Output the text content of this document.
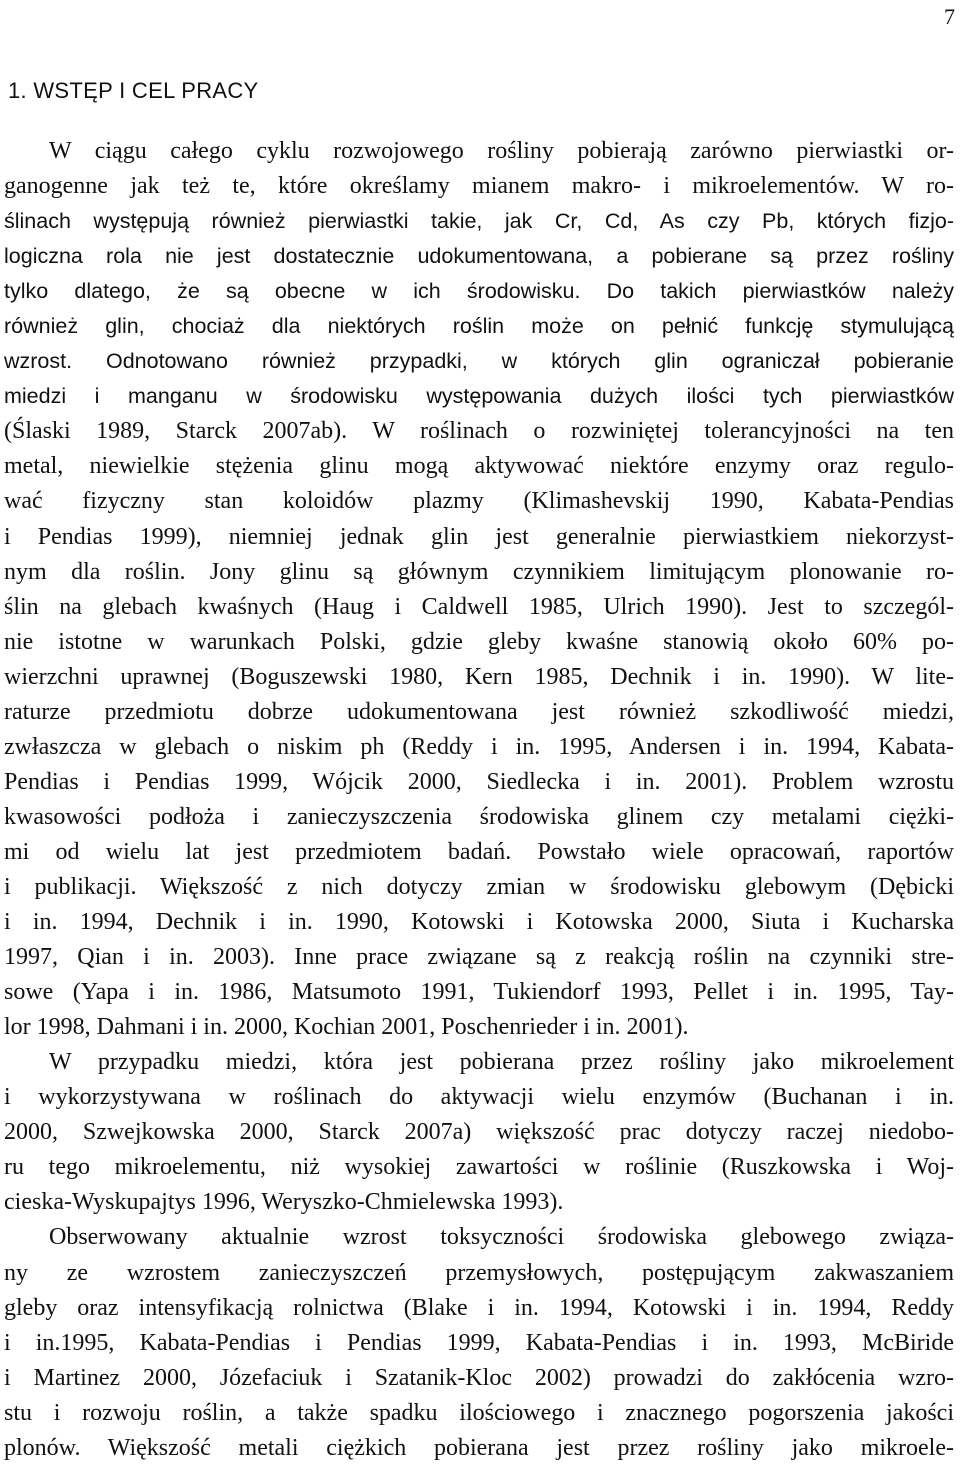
7
1. WSTĘP I CEL PRACY
W ciągu całego cyklu rozwojowego rośliny pobierają zarówno pierwiastki or-
ganogenne jak też te, które określamy mianem makro- i mikroelementów. W ro-
ślinach występują również pierwiastki takie, jak Cr, Cd, As czy Pb, których fizjo-
logiczna rola nie jest dostatecznie udokumentowana, a pobierane są przez rośliny
tylko dlatego, że są obecne w ich środowisku. Do takich pierwiastków należy
również glin, chociaż dla niektórych roślin może on pełnić funkcję stymulującą
wzrost. Odnotowano również przypadki, w których glin ograniczał pobieranie
miedzi i manganu w środowisku występowania dużych ilości tych pierwiastków
(Ślaski 1989, Starck 2007ab). W roślinach o rozwiniętej tolerancyjności na ten
metal, niewielkie stężenia glinu mogą aktywować niektóre enzymy oraz regulo-
wać fizyczny stan koloidów plazmy (Klimashevskij 1990, Kabata-Pendias
i Pendias 1999), niemniej jednak glin jest generalnie pierwiastkiem niekorzyst-
nym dla roślin. Jony glinu są głównym czynnikiem limitującym plonowanie ro-
ślin na glebach kwaśnych (Haug i Caldwell 1985, Ulrich 1990). Jest to szczegól-
nie istotne w warunkach Polski, gdzie gleby kwaśne stanowią około 60% po-
wierzchni uprawnej (Boguszewski 1980, Kern 1985, Dechnik i in. 1990). W lite-
raturze przedmiotu dobrze udokumentowana jest również szkodliwość miedzi,
zwłaszcza w glebach o niskim ph (Reddy i in. 1995, Andersen i in. 1994, Kabata-
Pendias i Pendias 1999, Wójcik 2000, Siedlecka i in. 2001). Problem wzrostu
kwasowości podłoża i zanieczyszczenia środowiska glinem czy metalami ciężki-
mi od wielu lat jest przedmiotem badań. Powstało wiele opracowań, raportów
i publikacji. Większość z nich dotyczy zmian w środowisku glebowym (Dębicki
i in. 1994, Dechnik i in. 1990, Kotowski i Kotowska 2000, Siuta i Kucharska
1997, Qian i in. 2003). Inne prace związane są z reakcją roślin na czynniki stre-
sowe (Yapa i in. 1986, Matsumoto 1991, Tukiendorf 1993, Pellet i in. 1995, Tay-
lor 1998, Dahmani i in. 2000, Kochian 2001, Poschenrieder i in. 2001).
W przypadku miedzi, która jest pobierana przez rośliny jako mikroelement
i wykorzystywana w roślinach do aktywacji wielu enzymów (Buchanan i in.
2000, Szwejkowska 2000, Starck 2007a) większość prac dotyczy raczej niedobo-
ru tego mikroelementu, niż wysokiej zawartości w roślinie (Ruszkowska i Woj-
cieska-Wyskupajtys 1996, Weryszko-Chmielewska 1993).
Obserwowany aktualnie wzrost toksyczności środowiska glebowego związa-
ny ze wzrostem zanieczyszczeń przemysłowych, postępującym zakwaszaniem
gleby oraz intensyfikacją rolnictwa (Blake i in. 1994, Kotowski i in. 1994, Reddy
i in.1995, Kabata-Pendias i Pendias 1999, Kabata-Pendias i in. 1993, McBiride
i Martinez 2000, Józefaciuk i Szatanik-Kloc 2002) prowadzi do zakłócenia wzro-
stu i rozwoju roślin, a także spadku ilościowego i znacznego pogorszenia jakości
plonów. Większość metali ciężkich pobierana jest przez rośliny jako mikroele-
